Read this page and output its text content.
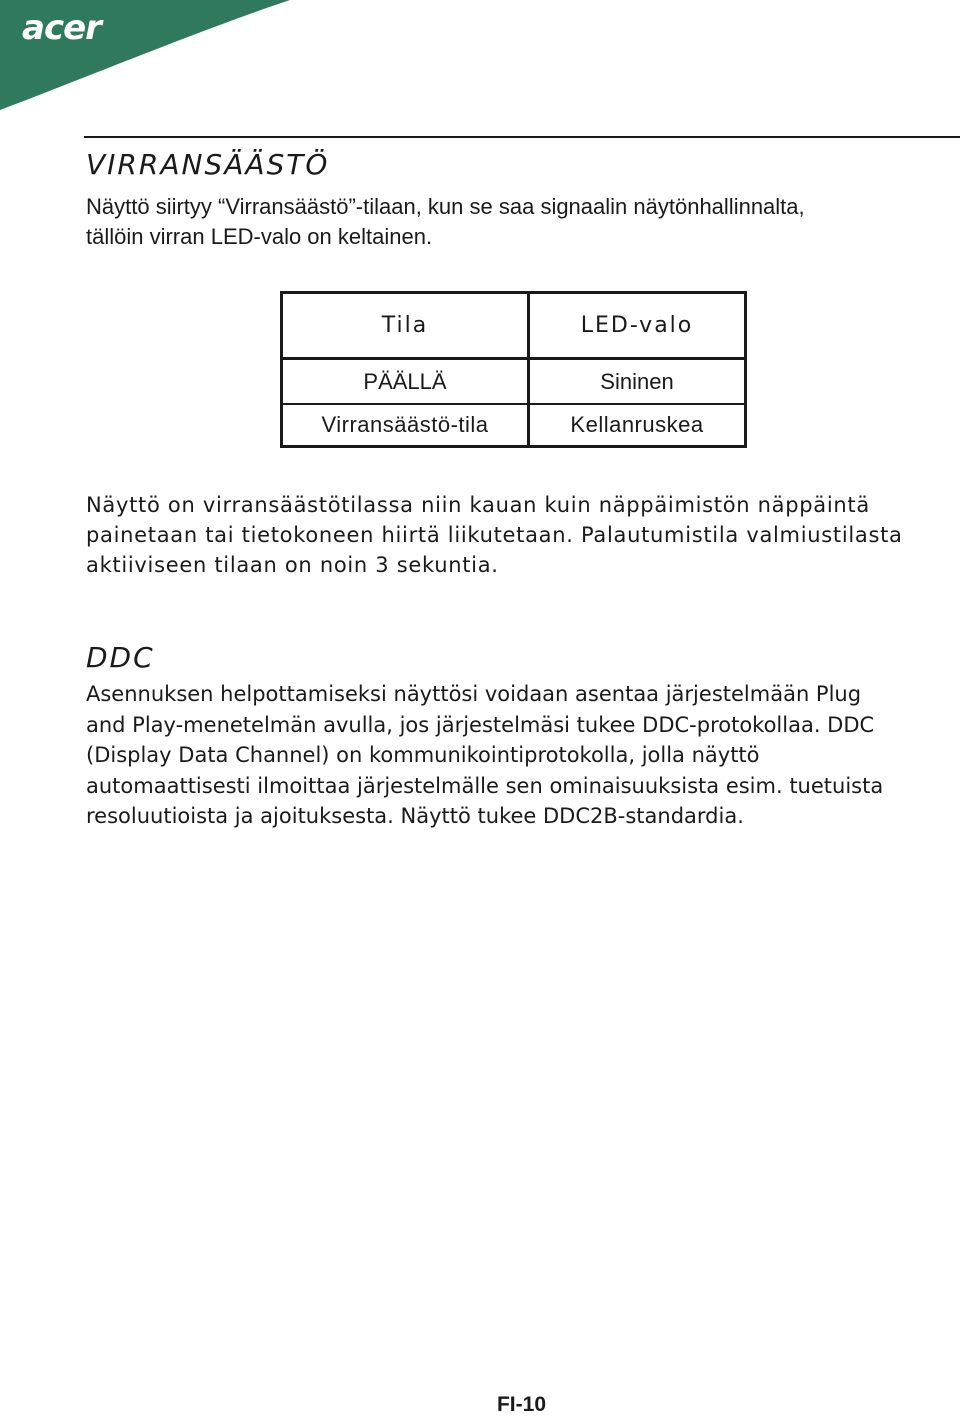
acer
VIRRANSÄÄSTÖ
Näyttö siirtyy “Virransäästö”-tilaan, kun se saa signaalin näytönhallinnalta,
tällöin virran LED-valo on keltainen.
Tila	LED-valo
PÄÄLLÄ	Sininen
Virransäästö-tila	Kellanruskea
Näyttö on virransäästötilassa niin kauan kuin näppäimistön näppäintä
painetaan tai tietokoneen hiirtä liikutetaan. Palautumistila valmiustilasta
aktiiviseen tilaan on noin 3 sekuntia.
DDC
Asennuksen helpottamiseksi näyttösi voidaan asentaa järjestelmään Plug
and Play-menetelmän avulla, jos järjestelmäsi tukee DDC-protokollaa. DDC
(Display Data Channel) on kommunikointiprotokolla, jolla näyttö
automaattisesti ilmoittaa järjestelmälle sen ominaisuuksista esim. tuetuista
resoluutioista ja ajoituksesta. Näyttö tukee DDC2B-standardia.
FI-10
